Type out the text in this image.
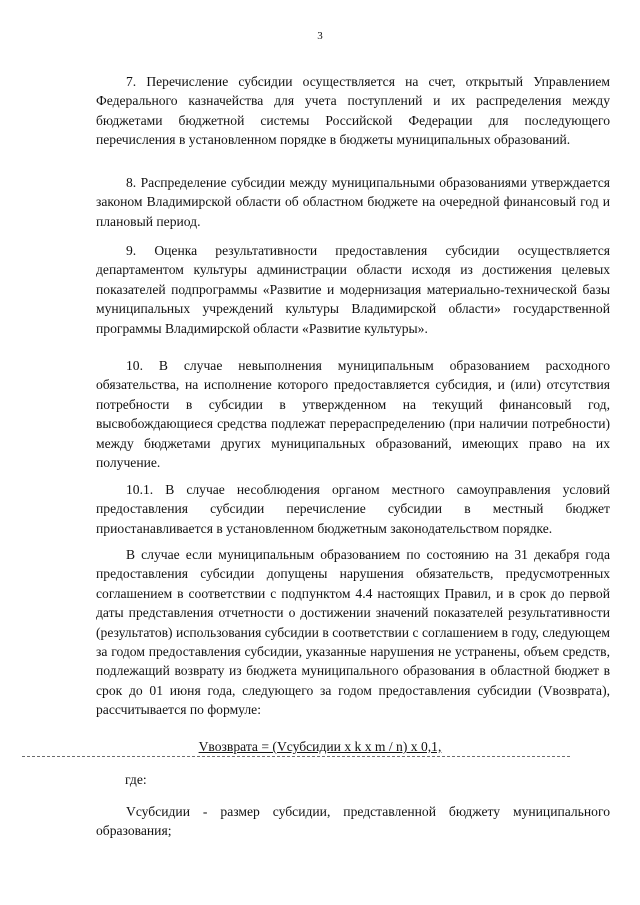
3

7. Перечисление субсидии осуществляется на счет, открытый Управлением Федерального казначейства для учета поступлений и их распределения между бюджетами бюджетной системы Российской Федерации для последующего перечисления в установленном порядке в бюджеты муниципальных образований.

8. Распределение субсидии между муниципальными образованиями утверждается законом Владимирской области об областном бюджете на очередной финансовый год и плановый период.

9. Оценка результативности предоставления субсидии осуществляется департаментом культуры администрации области исходя из достижения целевых показателей подпрограммы «Развитие и модернизация материально-технической базы муниципальных учреждений культуры Владимирской области» государственной программы Владимирской области «Развитие культуры».

10. В случае невыполнения муниципальным образованием расходного обязательства, на исполнение которого предоставляется субсидия, и (или) отсутствия потребности в субсидии в утвержденном на текущий финансовый год, высвобождающиеся средства подлежат перераспределению (при наличии потребности) между бюджетами других муниципальных образований, имеющих право на их получение.

10.1. В случае несоблюдения органом местного самоуправления условий предоставления субсидии перечисление субсидии в местный бюджет приостанавливается в установленном бюджетным законодательством порядке.

В случае если муниципальным образованием по состоянию на 31 декабря года предоставления субсидии допущены нарушения обязательств, предусмотренных соглашением в соответствии с подпунктом 4.4 настоящих Правил, и в срок до первой даты представления отчетности о достижении значений показателей результативности (результатов) использования субсидии в соответствии с соглашением в году, следующем за годом предоставления субсидии, указанные нарушения не устранены, объем средств, подлежащий возврату из бюджета муниципального образования в областной бюджет в срок до 01 июня года, следующего за годом предоставления субсидии (Vвозврата), рассчитывается по формуле:

Vвозврата = (Vсубсидии x k x m / n) x 0,1,
где:

Vсубсидии - размер субсидии, представленной бюджету муниципального образования;
